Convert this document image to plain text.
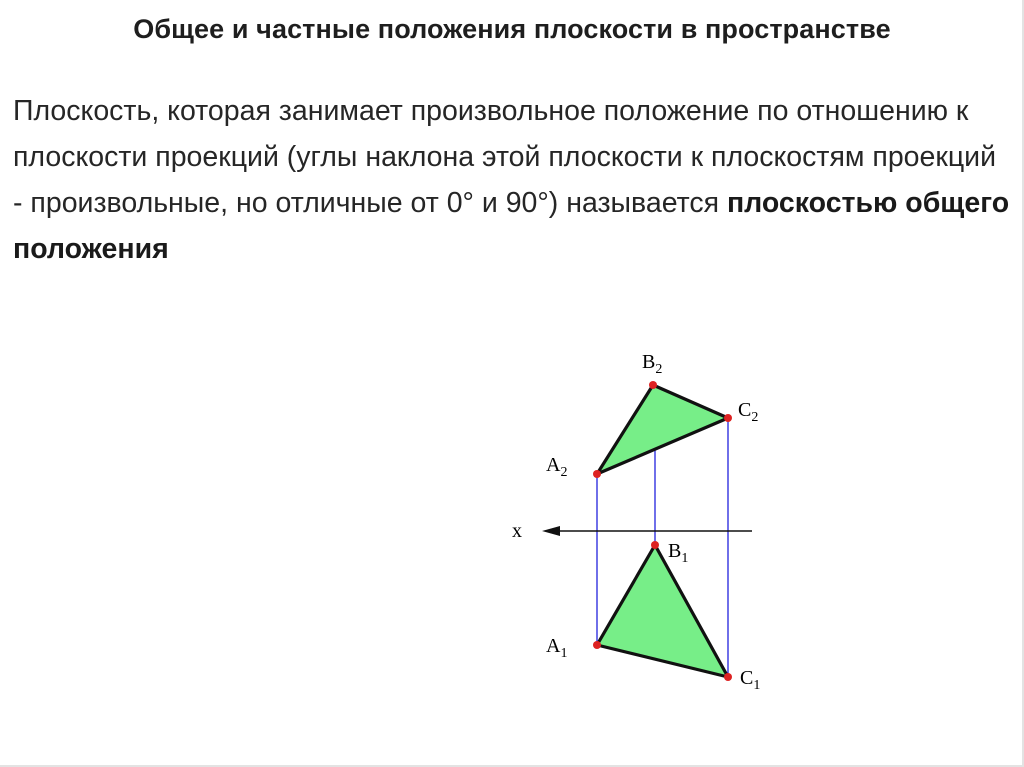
Общее и частные положения плоскости в пространстве
Плоскость, которая занимает произвольное положение по отношению к плоскости проекций (углы наклона этой плоскости к плоскостям проекций - произвольные, но отличные от 0° и 90°) называется плоскостью общего положения
x
$B_2$
$C_2$
$A_2$
$B_1$
$A_1$
$C_1$
